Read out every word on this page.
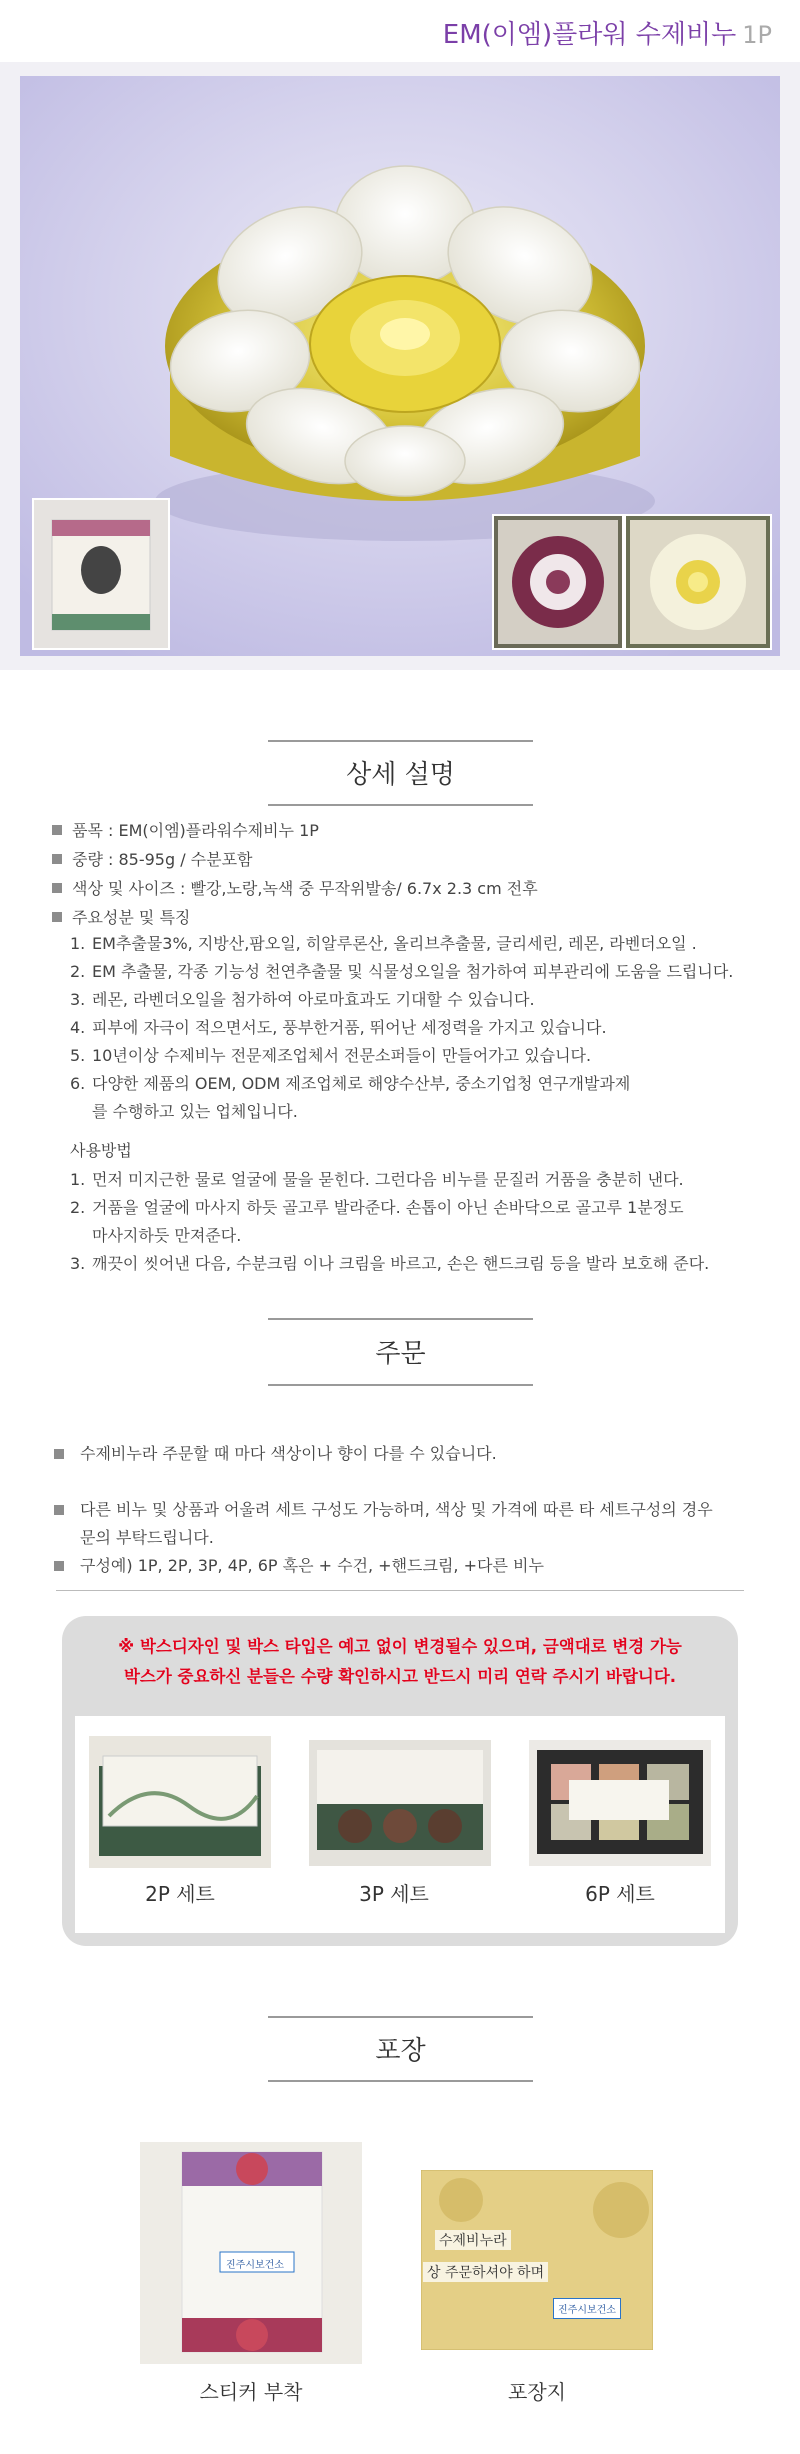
EM(이엠)플라워 수제비누 1P
상세 설명
품목 : EM(이엠)플라워수제비누 1P
중량 : 85-95g / 수분포함
색상 및 사이즈 : 빨강,노랑,녹색 중 무작위발송/ 6.7x 2.3 cm 전후
주요성분 및 특징
1. EM추출물3%, 지방산,팜오일, 히알루론산, 올리브추출물, 글리세린, 레몬, 라벤더오일 .
2. EM 추출물, 각종 기능성 천연추출물 및 식물성오일을 첨가하여 피부관리에 도움을 드립니다.
3. 레몬, 라벤더오일을 첨가하여 아로마효과도 기대할 수 있습니다.
4. 피부에 자극이 적으면서도, 풍부한거품, 뛰어난 세정력을 가지고 있습니다.
5. 10년이상 수제비누 전문제조업체서 전문소퍼들이 만들어가고 있습니다.
6. 다양한 제품의 OEM, ODM 제조업체로 해양수산부, 중소기업청 연구개발과제
를 수행하고 있는 업체입니다.
사용방법
1. 먼저 미지근한 물로 얼굴에 물을 묻힌다. 그런다음 비누를 문질러 거품을 충분히 낸다.
2. 거품을 얼굴에 마사지 하듯 골고루 발라준다. 손톱이 아닌 손바닥으로 골고루 1분정도
마사지하듯 만져준다.
3. 깨끗이 씻어낸 다음, 수분크림 이나 크림을 바르고, 손은 핸드크림 등을 발라 보호해 준다.
주문
수제비누라 주문할 때 마다 색상이나 향이 다를 수 있습니다.
다른 비누 및 상품과 어울려 세트 구성도 가능하며, 색상 및 가격에 따른 타 세트구성의 경우
문의 부탁드립니다.
구성예) 1P, 2P, 3P, 4P, 6P 혹은 + 수건, +핸드크림, +다른 비누
※ 박스디자인 및 박스 타입은 예고 없이 변경될수 있으며, 금액대로 변경 가능
박스가 중요하신 분들은 수량 확인하시고 반드시 미리 연락 주시기 바랍니다.
2P 세트	3P 세트	6P 세트
포장
진주시보건소
수제비누라
상 주문하셔야 하며
진주시보건소
스티커 부착	포장지
